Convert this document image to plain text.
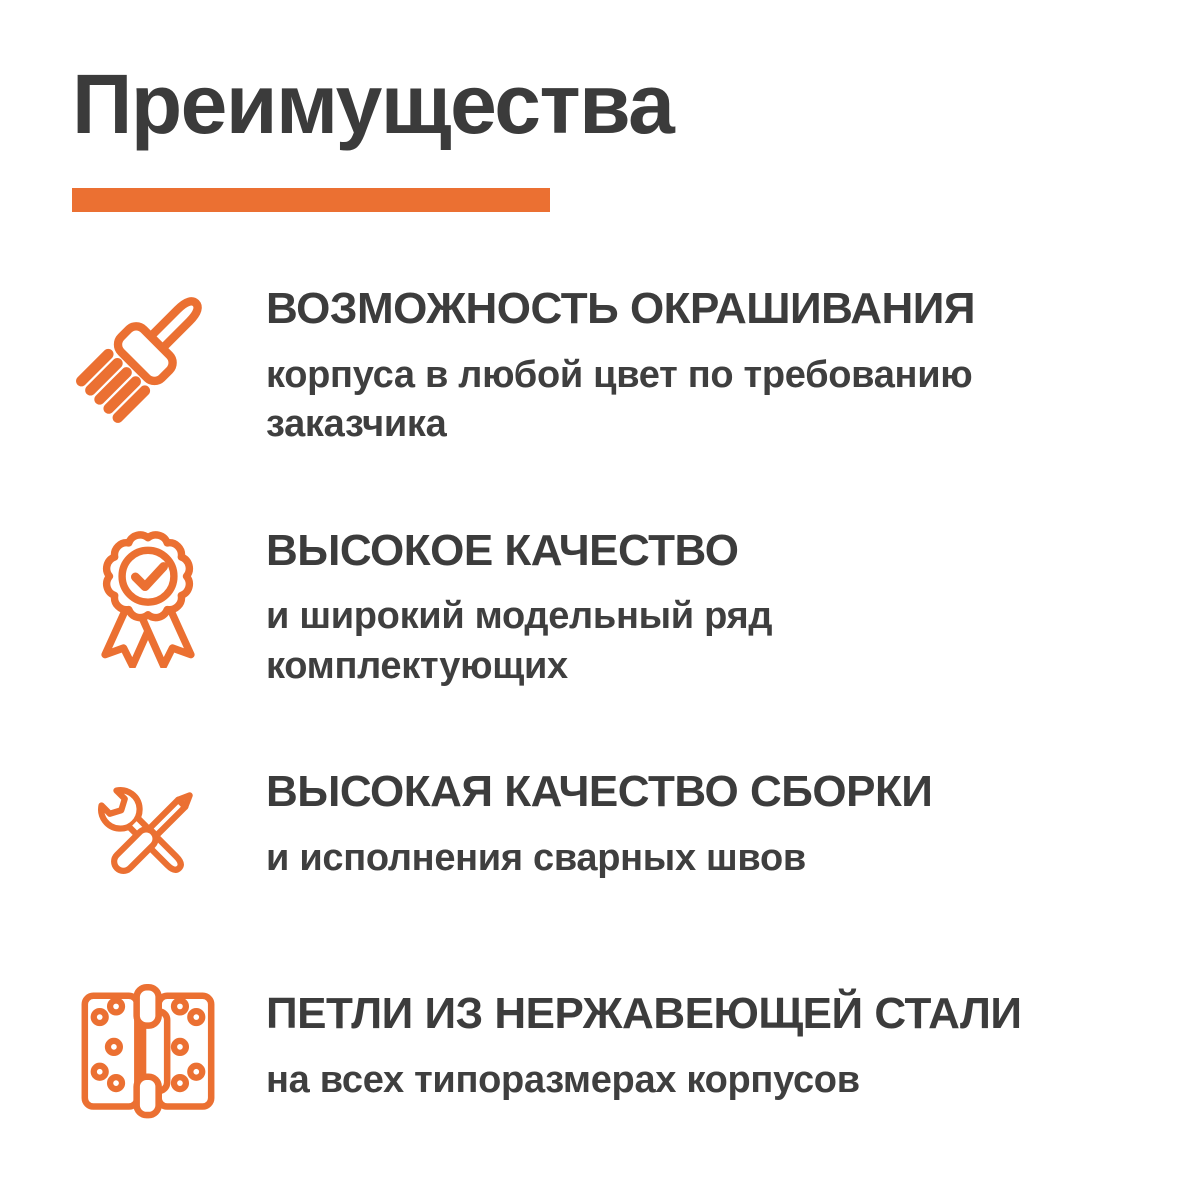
Преимущества
ВОЗМОЖНОСТЬ ОКРАШИВАНИЯ
корпуса в любой цвет по требованию
заказчика
ВЫСОКОЕ КАЧЕСТВО
и широкий модельный ряд
комплектующих
ВЫСОКАЯ КАЧЕСТВО СБОРКИ
и исполнения сварных швов
ПЕТЛИ ИЗ НЕРЖАВЕЮЩЕЙ СТАЛИ
на всех типоразмерах корпусов
